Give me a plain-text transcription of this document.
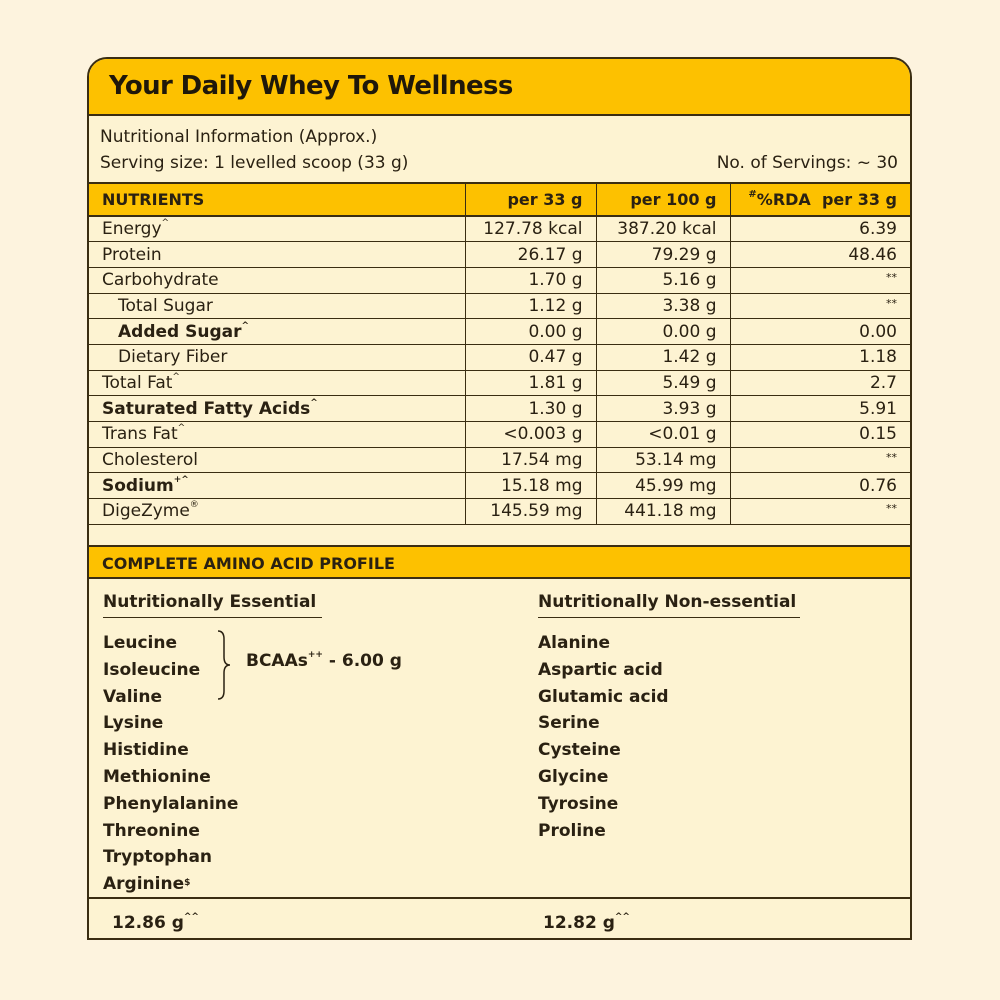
Your Daily Whey To Wellness
Nutritional Information (Approx.)
Serving size: 1 levelled scoop (33 g)	No. of Servings: ~ 30
NUTRIENTS	per 33 g	per 100 g	#%RDA  per 33 g
Energy^	127.78 kcal	387.20 kcal	6.39
Protein	26.17 g	79.29 g	48.46
Carbohydrate	1.70 g	5.16 g	**
Total Sugar	1.12 g	3.38 g	**
Added Sugar^	0.00 g	0.00 g	0.00
Dietary Fiber	0.47 g	1.42 g	1.18
Total Fat^	1.81 g	5.49 g	2.7
Saturated Fatty Acids^	1.30 g	3.93 g	5.91
Trans Fat^	<0.003 g	<0.01 g	0.15
Cholesterol	17.54 mg	53.14 mg	**
Sodium+^	15.18 mg	45.99 mg	0.76
DigeZyme®	145.59 mg	441.18 mg	**
COMPLETE AMINO ACID PROFILE
Nutritionally Essential
Leucine
Isoleucine
Valine
Lysine
Histidine
Methionine
Phenylalanine
Threonine
Tryptophan
Arginine$
BCAAs++ - 6.00 g
Nutritionally Non-essential
Alanine
Aspartic acid
Glutamic acid
Serine
Cysteine
Glycine
Tyrosine
Proline
12.86 g^^	12.82 g^^
